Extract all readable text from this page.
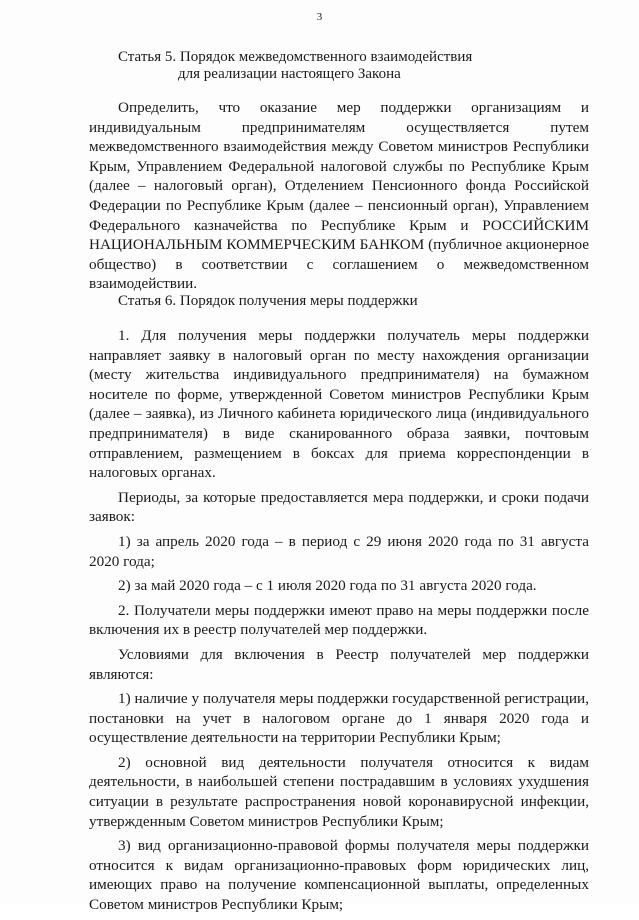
3
Статья 5. Порядок межведомственного взаимодействия
для реализации настоящего Закона

Определить, что оказание мер поддержки организациям и индивидуальным предпринимателям осуществляется путем межведомственного взаимодействия между Советом министров Республики Крым, Управлением Федеральной налоговой службы по Республике Крым (далее – налоговый орган), Отделением Пенсионного фонда Российской Федерации по Республике Крым (далее – пенсионный орган), Управлением Федерального казначейства по Республике Крым и РОССИЙСКИМ НАЦИОНАЛЬНЫМ КОММЕРЧЕСКИМ БАНКОМ (публичное акционерное общество) в соответствии с соглашением о межведомственном взаимодействии.

Статья 6. Порядок получения меры поддержки

1. Для получения меры поддержки получатель меры поддержки направляет заявку в налоговый орган по месту нахождения организации (месту жительства индивидуального предпринимателя) на бумажном носителе по форме, утвержденной Советом министров Республики Крым (далее – заявка), из Личного кабинета юридического лица (индивидуального предпринимателя) в виде сканированного образа заявки, почтовым отправлением, размещением в боксах для приема корреспонденции в налоговых органах.

Периоды, за которые предоставляется мера поддержки, и сроки подачи заявок:

1) за апрель 2020 года – в период с 29 июня 2020 года по 31 августа 2020 года;

2) за май 2020 года – с 1 июля 2020 года по 31 августа 2020 года.

2. Получатели меры поддержки имеют право на меры поддержки после включения их в реестр получателей мер поддержки.

Условиями для включения в Реестр получателей мер поддержки являются:

1) наличие у получателя меры поддержки государственной регистрации, постановки на учет в налоговом органе до 1 января 2020 года и осуществление деятельности на территории Республики Крым;

2) основной вид деятельности получателя относится к видам деятельности, в наибольшей степени пострадавшим в условиях ухудшения ситуации в результате распространения новой коронавирусной инфекции, утвержденным Советом министров Республики Крым;

3) вид организационно-правовой формы получателя меры поддержки относится к видам организационно-правовых форм юридических лиц, имеющих право на получение компенсационной выплаты, определенных Советом министров Республики Крым;
